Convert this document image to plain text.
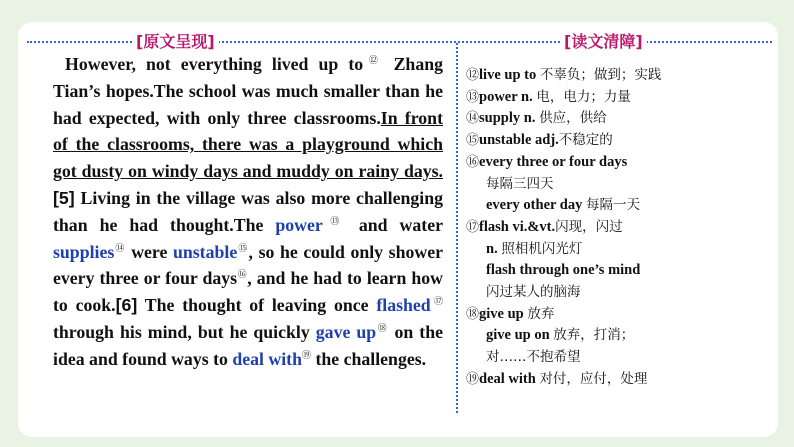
[原文呈现]	[读文清障]
However, not everything lived up to⑫ Zhang Tian’s hopes.The school was much smaller than he had expected, with only three classrooms.In front of the classrooms, there was a playground which got dusty on windy days and muddy on rainy days.[5] Living in the village was also more challenging than he had thought.The power⑬ and water supplies⑭ were unstable⑮, so he could only shower every three or four days⑯, and he had to learn how to cook.[6] The thought of leaving once flashed⑰ through his mind, but he quickly gave up⑱ on the idea and found ways to deal with⑲ the challenges.
⑫live up to 不辜负；做到；实践
⑬power n. 电，电力；力量
⑭supply n. 供应，供给
⑮unstable adj.不稳定的
⑯every three or four days
每隔三四天
every other day 每隔一天
⑰flash vi.&vt.闪现，闪过
n. 照相机闪光灯
flash through one’s mind
闪过某人的脑海
⑱give up 放弃
give up on 放弃，打消；
对……不抱希望
⑲deal with 对付，应付，处理
